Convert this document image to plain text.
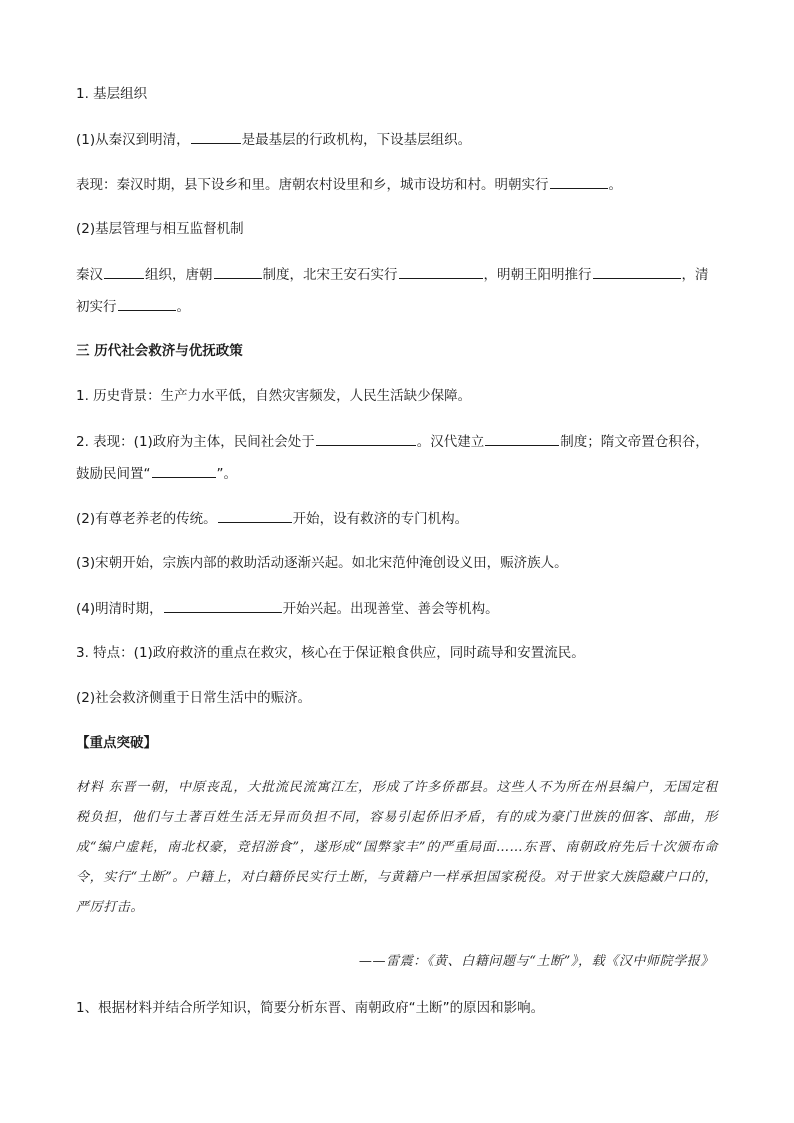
1. 基层组织
(1)从秦汉到明清，	是最基层的行政机构，下设基层组织。
表现：秦汉时期，县下设乡和里。唐朝农村设里和乡，城市设坊和村。明朝实行	。
(2)基层管理与相互监督机制
秦汉	组织，唐朝	制度，北宋王安石实行	，明朝王阳明推行	，清
初实行	。
三 历代社会救济与优抚政策
1. 历史背景：生产力水平低，自然灾害频发，人民生活缺少保障。
2. 表现：(1)政府为主体，民间社会处于	。汉代建立	制度；隋文帝置仓积谷，
鼓励民间置“	”。
(2)有尊老养老的传统。	开始，设有救济的专门机构。
(3)宋朝开始，宗族内部的救助活动逐渐兴起。如北宋范仲淹创设义田，赈济族人。
(4)明清时期，	开始兴起。出现善堂、善会等机构。
3. 特点：(1)政府救济的重点在救灾，核心在于保证粮食供应，同时疏导和安置流民。
(2)社会救济侧重于日常生活中的赈济。
【重点突破】
材料 东晋一朝，中原丧乱，大批流民流寓江左，形成了许多侨郡县。这些人不为所在州县编户，无国定租税负担，他们与土著百姓生活无异而负担不同，容易引起侨旧矛盾，有的成为豪门世族的佃客、部曲，形成“编户虚耗，南北权豪，竞招游食”，遂形成“国弊家丰”的严重局面……东晋、南朝政府先后十次颁布命令，实行“土断”。户籍上，对白籍侨民实行土断，与黄籍户一样承担国家税役。对于世家大族隐藏户口的，严厉打击。
——雷震：《黄、白籍问题与“土断”》，载《汉中师院学报》
1、根据材料并结合所学知识，简要分析东晋、南朝政府“土断”的原因和影响。
